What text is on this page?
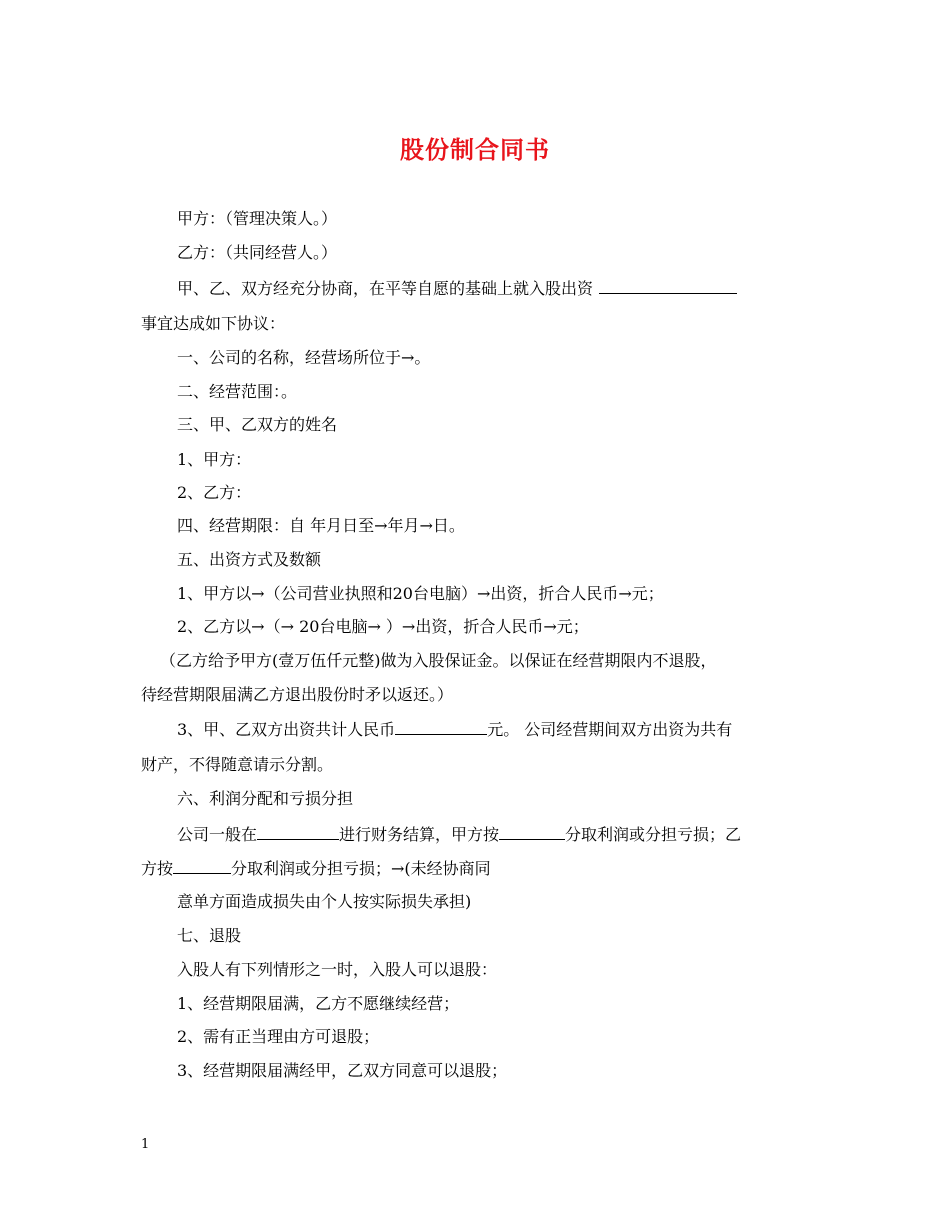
股份制合同书
甲方：（管理决策人。）
乙方：（共同经营人。）
甲、乙、双方经充分协商，在平等自愿的基础上就入股出资
事宜达成如下协议：
一、公司的名称，经营场所位于→。
二、经营范围：。
三、甲、乙双方的姓名
1、甲方：
2、乙方：
四、经营期限：自 年月日至→年月→日。
五、出资方式及数额
1、甲方以→（公司营业执照和20台电脑）→出资，折合人民币→元；
2、乙方以→（→ 20台电脑→ ）→出资，折合人民币→元；
（乙方给予甲方(壹万伍仟元整)做为入股保证金。以保证在经营期限内不退股，
待经营期限届满乙方退出股份时矛以返还。）
3、甲、乙双方出资共计人民币	元。 公司经营期间双方出资为共有
财产，不得随意请示分割。
六、利润分配和亏损分担
公司一般在	进行财务结算，甲方按	分取利润或分担亏损；乙
方按	分取利润或分担亏损；→(未经协商同
意单方面造成损失由个人按实际损失承担)
七、退股
入股人有下列情形之一时，入股人可以退股：
1、经营期限届满，乙方不愿继续经营；
2、需有正当理由方可退股；
3、经营期限届满经甲，乙双方同意可以退股；
1
